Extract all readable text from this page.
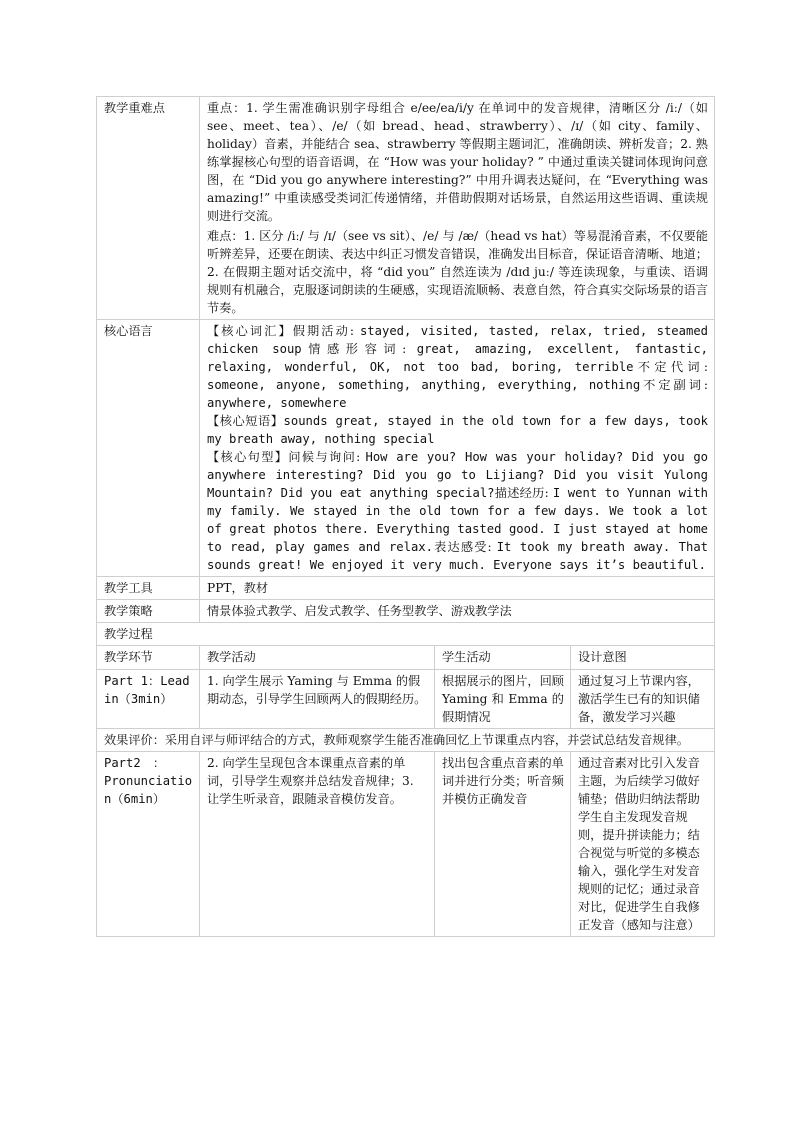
教学重难点	重点：1. 学生需准确识别字母组合 e/ee/ea/i/y 在单词中的发音规律，清晰区分 /iː/（如 see、meet、tea）、/e/（如 bread、head、strawberry）、/ɪ/（如 city、family、holiday）音素，并能结合 sea、strawberry 等假期主题词汇，准确朗读、辨析发音；2. 熟练掌握核心句型的语音语调，在 “How was your holiday? ” 中通过重读关键词体现询问意图，在 “Did you go anywhere interesting?” 中用升调表达疑问，在 “Everything was amazing!” 中重读感受类词汇传递情绪，并借助假期对话场景，自然运用这些语调、重读规则进行交流。

难点：1. 区分 /iː/ 与 /ɪ/（see vs sit）、/e/ 与 /æ/（head vs hat）等易混淆音素，不仅要能听辨差异，还要在朗读、表达中纠正习惯发音错误，准确发出目标音，保证语音清晰、地道；2. 在假期主题对话交流中，将 “did you” 自然连读为 /dɪd juː/ 等连读现象，与重读、语调规则有机融合，克服逐词朗读的生硬感，实现语流顺畅、表意自然，符合真实交际场景的语言节奏。		

核心语言	【核心词汇】假期活动: stayed, visited, tasted, relax, tried, steamed chicken soup情感形容词: great, amazing, excellent, fantastic, relaxing, wonderful, OK, not too bad, boring, terrible不定代词: someone, anyone, something, anything, everything, nothing不定副词: anywhere, somewhere
【核心短语】sounds great, stayed in the old town for a few days, took my breath away, nothing special
【核心句型】问候与询问: How are you? How was your holiday? Did you go anywhere interesting? Did you go to Lijiang? Did you visit Yulong Mountain? Did you eat anything special?描述经历: I went to Yunnan with my family. We stayed in the old town for a few days. We took a lot of great photos there. Everything tasted good. I just stayed at home to read, play games and relax.表达感受: It took my breath away. That sounds great! We enjoyed it very much. Everyone says it’s beautiful.		

教学工具	PPT，教材		
教学策略	情景体验式教学、启发式教学、任务型教学、游戏教学法		
教学过程			
教学环节	教学活动	学生活动	设计意图
Part 1：Lead in（3min）	1. 向学生展示 Yaming 与 Emma 的假期动态，引导学生回顾两人的假期经历。	根据展示的图片，回顾 Yaming 和 Emma 的假期情况	通过复习上节课内容，激活学生已有的知识储备，激发学习兴趣
效果评价：采用自评与师评结合的方式，教师观察学生能否准确回忆上节课重点内容，并尝试总结发音规律。			
Part2　：Pronunciation（6min）	2. 向学生呈现包含本课重点音素的单词，引导学生观察并总结发音规律；3. 让学生听录音，跟随录音模仿发音。	找出包含重点音素的单词并进行分类；听音频并模仿正确发音	通过音素对比引入发音主题，为后续学习做好铺垫；借助归纳法帮助学生自主发现发音规则，提升拼读能力；结合视觉与听觉的多模态输入，强化学生对发音规则的记忆；通过录音对比，促进学生自我修正发音（感知与注意）
